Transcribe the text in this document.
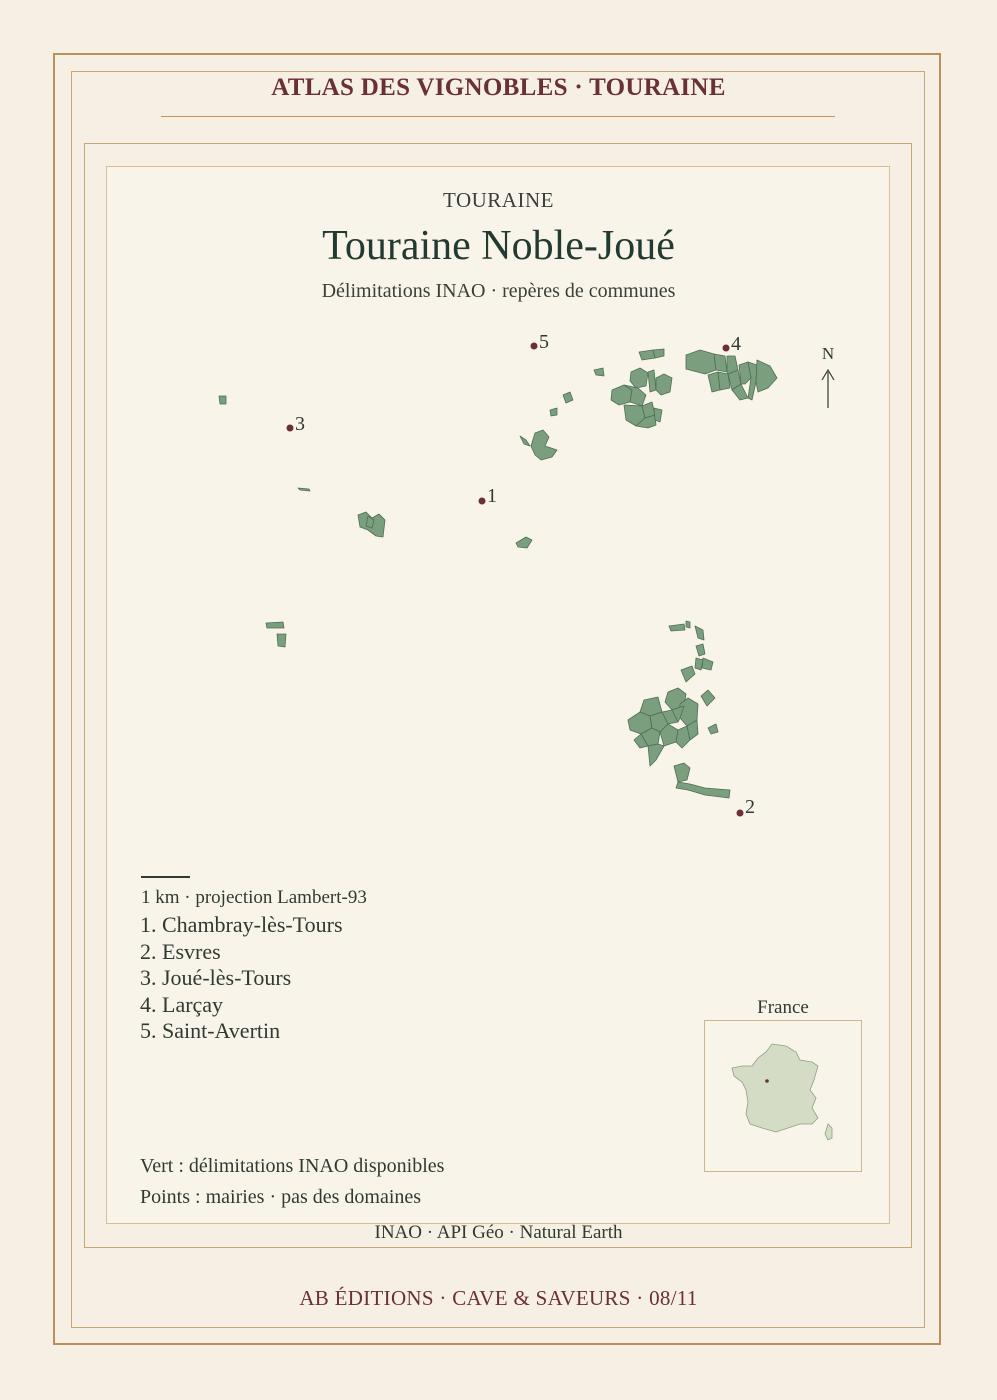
ATLAS DES VIGNOBLES · TOURAINE
TOURAINE
Touraine Noble-Joué
Délimitations INAO · repères de communes
1
2
3
4
5
N
1 km · projection Lambert-93
1. Chambray-lès-Tours
2. Esvres
3. Joué-lès-Tours
4. Larçay
5. Saint-Avertin
Vert : délimitations INAO disponibles
Points : mairies · pas des domaines
France
INAO · API Géo · Natural Earth
AB ÉDITIONS · CAVE & SAVEURS · 08/11
